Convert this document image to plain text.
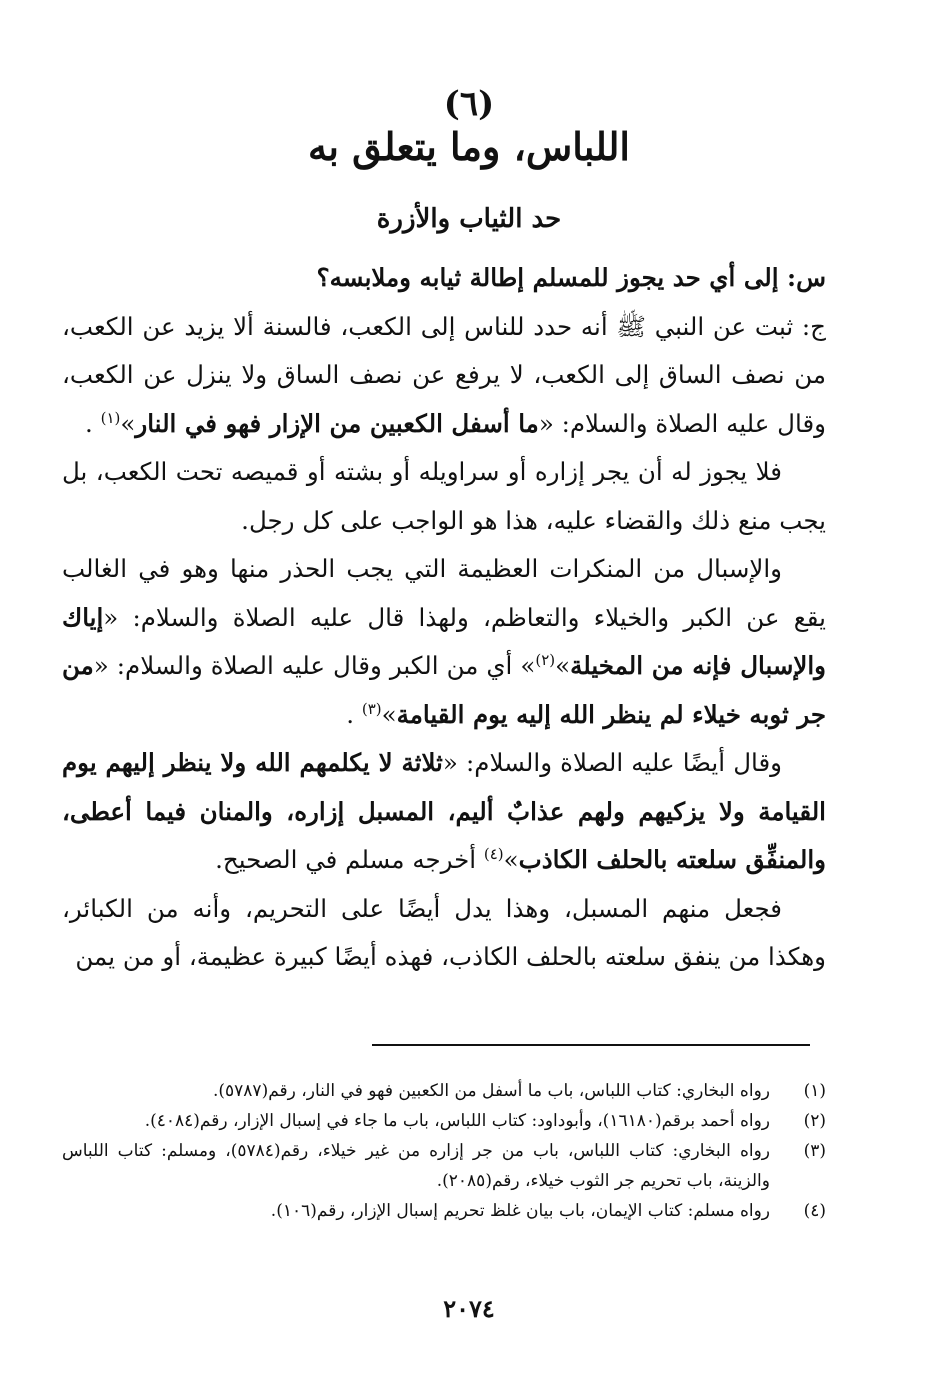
(٦)
اللباس، وما يتعلق به
حد الثياب والأزرة

س: إلى أي حد يجوز للمسلم إطالة ثيابه وملابسه؟

ج: ثبت عن النبي ﷺ أنه حدد للناس إلى الكعب، فالسنة ألا يزيد عن الكعب، من نصف الساق إلى الكعب، لا يرفع عن نصف الساق ولا ينزل عن الكعب، وقال عليه الصلاة والسلام: «ما أسفل الكعبين من الإزار فهو في النار»$^{(١)}$ .

فلا يجوز له أن يجر إزاره أو سراويله أو بشته أو قميصه تحت الكعب، بل يجب منع ذلك والقضاء عليه، هذا هو الواجب على كل رجل.

والإسبال من المنكرات العظيمة التي يجب الحذر منها وهو في الغالب يقع عن الكبر والخيلاء والتعاظم، ولهذا قال عليه الصلاة والسلام: «إياك والإسبال فإنه من المخيلة»$^{(٢)}$» أي من الكبر وقال عليه الصلاة والسلام: «من جر ثوبه خيلاء لم ينظر الله إليه يوم القيامة»$^{(٣)}$ .

وقال أيضًا عليه الصلاة والسلام: «ثلاثة لا يكلمهم الله ولا ينظر إليهم يوم القيامة ولا يزكيهم ولهم عذابٌ أليم، المسبل إزاره، والمنان فيما أعطى، والمنفِّق سلعته بالحلف الكاذب»$^{(٤)}$ أخرجه مسلم في الصحيح.

فجعل منهم المسبل، وهذا يدل أيضًا على التحريم، وأنه من الكبائر، وهكذا من ينفق سلعته بالحلف الكاذب، فهذه أيضًا كبيرة عظيمة، أو من يمن

(١)
رواه البخاري: كتاب اللباس، باب ما أسفل من الكعبين فهو في النار، رقم(٥٧٨٧).
(٢)
رواه أحمد برقم(١٦١٨٠)، وأبوداود: كتاب اللباس، باب ما جاء في إسبال الإزار، رقم(٤٠٨٤).
(٣)
رواه البخاري: كتاب اللباس، باب من جر إزاره من غير خيلاء، رقم(٥٧٨٤)، ومسلم: كتاب اللباس والزينة، باب تحريم جر الثوب خيلاء، رقم(٢٠٨٥).
(٤)
رواه مسلم: كتاب الإيمان، باب بيان غلظ تحريم إسبال الإزار، رقم(١٠٦).
٢٠٧٤
